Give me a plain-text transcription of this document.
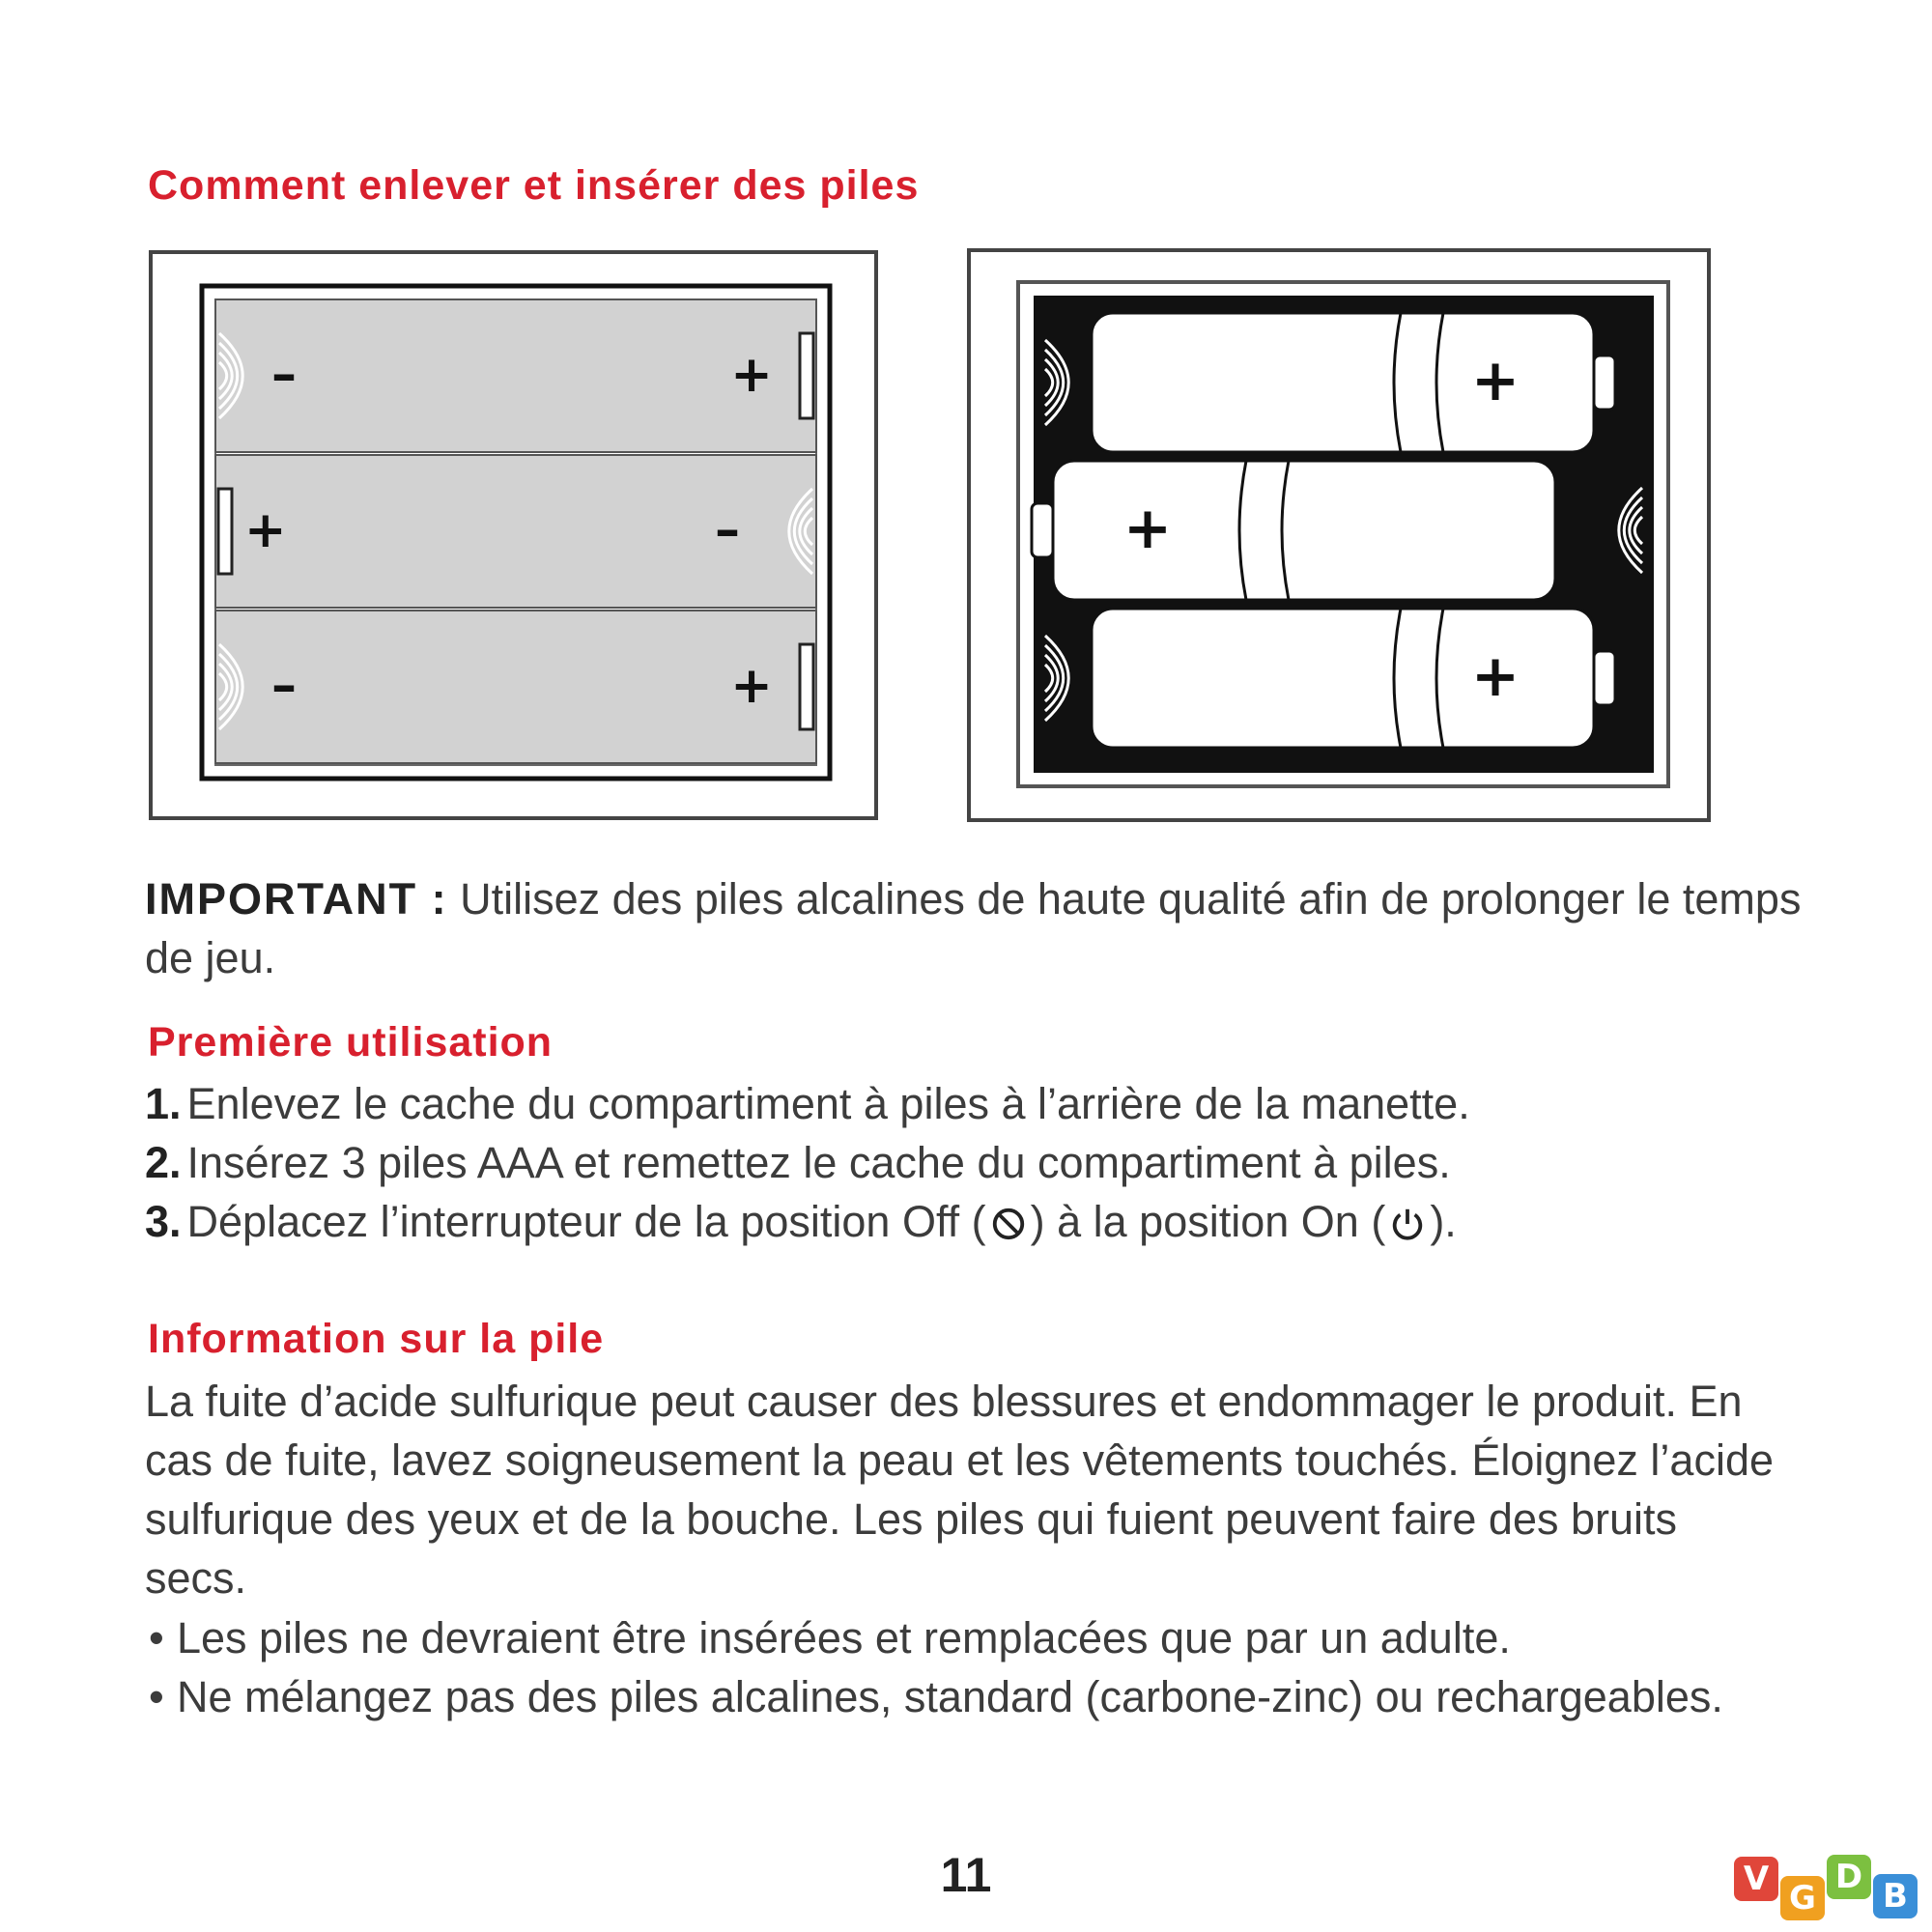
Comment enlever et insérer des piles
–	+
+	–
–	+
+
+
+

IMPORTANT : Utilisez des piles alcalines de haute qualité afin de prolonger le temps de jeu.

Première utilisation
1. Enlevez le cache du compartiment à piles à l’arrière de la manette.
2. Insérez 3 piles AAA et remettez le cache du compartiment à piles.
3. Déplacez l’interrupteur de la position Off ( ) à la position On ( ).
Information sur la pile

La fuite d’acide sulfurique peut causer des blessures et endommager le produit. En cas de fuite, lavez soigneusement la peau et les vêtements touchés. Éloignez l’acide sulfurique des yeux et de la bouche. Les piles qui fuient peuvent faire des bruits secs.

• Les piles ne devraient être insérées et remplacées que par un adulte.
• Ne mélangez pas des piles alcalines, standard (carbone-zinc) ou rechargeables.
11	V G
D B
